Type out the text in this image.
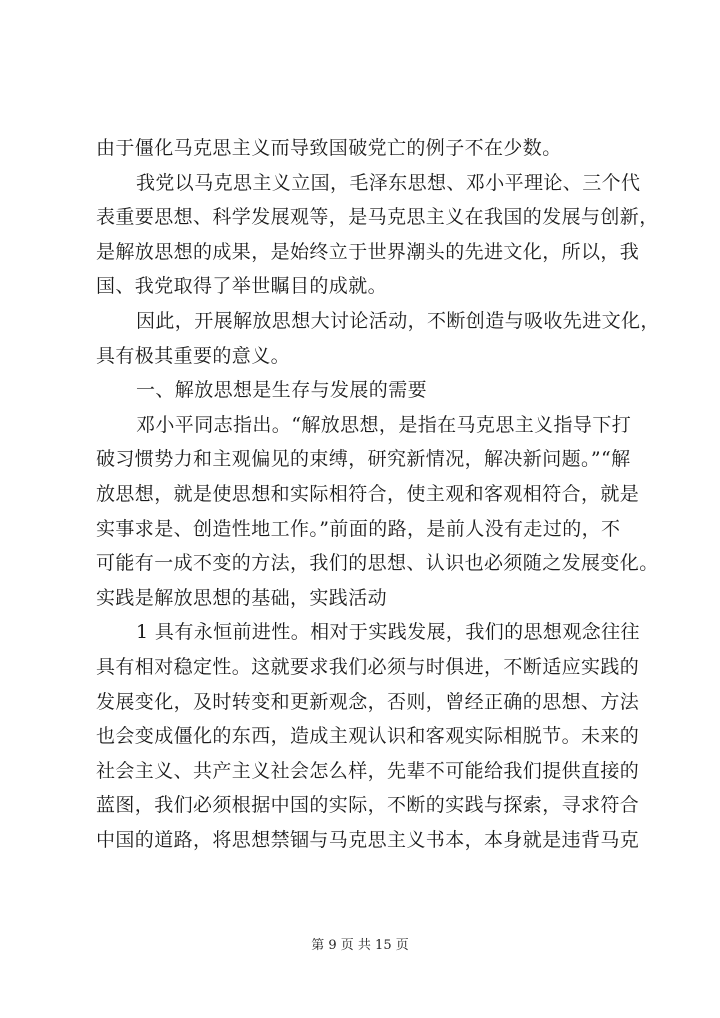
由于僵化马克思主义而导致国破党亡的例子不在少数。
我党以马克思主义立国，毛泽东思想、邓小平理论、三个代
表重要思想、科学发展观等，是马克思主义在我国的发展与创新，
是解放思想的成果，是始终立于世界潮头的先进文化，所以，我
国、我党取得了举世瞩目的成就。
因此，开展解放思想大讨论活动，不断创造与吸收先进文化，
具有极其重要的意义。
一、解放思想是生存与发展的需要
邓小平同志指出。“解放思想，是指在马克思主义指导下打
破习惯势力和主观偏见的束缚，研究新情况，解决新问题。”“解
放思想，就是使思想和实际相符合，使主观和客观相符合，就是
实事求是、创造性地工作。”前面的路，是前人没有走过的，不
可能有一成不变的方法，我们的思想、认识也必须随之发展变化。
实践是解放思想的基础，实践活动
1 具有永恒前进性。相对于实践发展，我们的思想观念往往
具有相对稳定性。这就要求我们必须与时俱进，不断适应实践的
发展变化，及时转变和更新观念，否则，曾经正确的思想、方法
也会变成僵化的东西，造成主观认识和客观实际相脱节。未来的
社会主义、共产主义社会怎么样，先辈不可能给我们提供直接的
蓝图，我们必须根据中国的实际，不断的实践与探索，寻求符合
中国的道路，将思想禁锢与马克思主义书本，本身就是违背马克
第 9 页 共 15 页
